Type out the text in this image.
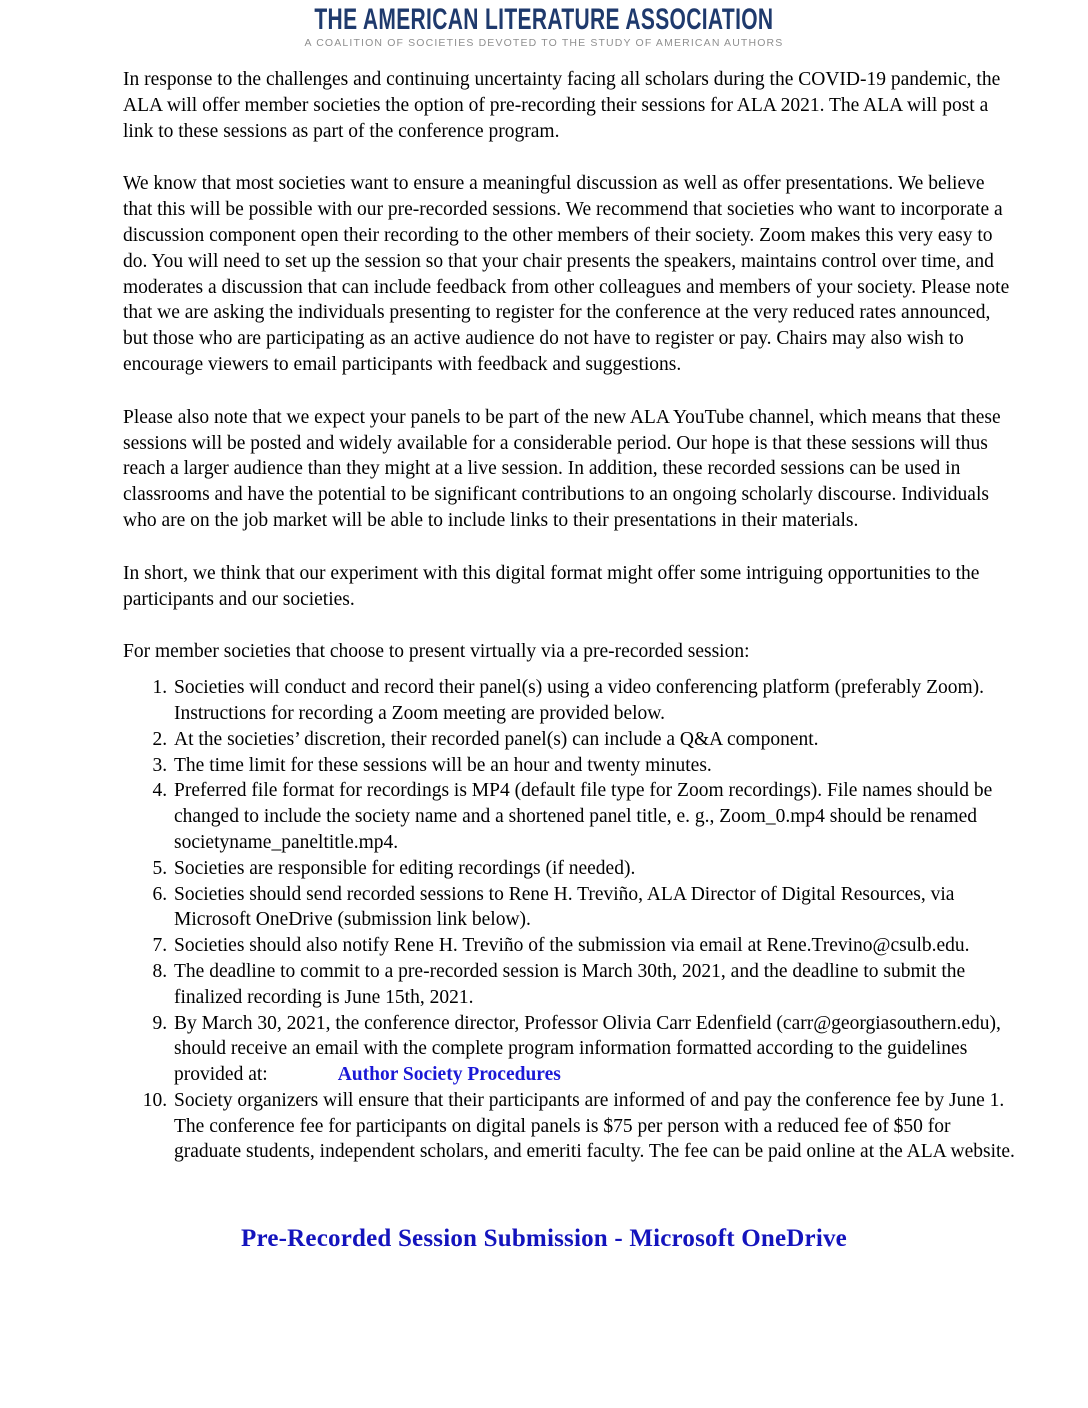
THE AMERICAN LITERATURE ASSOCIATION
A COALITION OF SOCIETIES DEVOTED TO THE STUDY OF AMERICAN AUTHORS

In response to the challenges and continuing uncertainty facing all scholars during the COVID-19 pandemic, the ALA will offer member societies the option of pre-recording their sessions for ALA 2021. The ALA will post a link to these sessions as part of the conference program.

We know that most societies want to ensure a meaningful discussion as well as offer presentations. We believe that this will be possible with our pre-recorded sessions. We recommend that societies who want to incorporate a discussion component open their recording to the other members of their society. Zoom makes this very easy to do. You will need to set up the session so that your chair presents the speakers, maintains control over time, and moderates a discussion that can include feedback from other colleagues and members of your society. Please note that we are asking the individuals presenting to register for the conference at the very reduced rates announced, but those who are participating as an active audience do not have to register or pay. Chairs may also wish to encourage viewers to email participants with feedback and suggestions.

Please also note that we expect your panels to be part of the new ALA YouTube channel, which means that these sessions will be posted and widely available for a considerable period. Our hope is that these sessions will thus reach a larger audience than they might at a live session. In addition, these recorded sessions can be used in classrooms and have the potential to be significant contributions to an ongoing scholarly discourse. Individuals who are on the job market will be able to include links to their presentations in their materials.

In short, we think that our experiment with this digital format might offer some intriguing opportunities to the participants and our societies.

For member societies that choose to present virtually via a pre-recorded session:

1. Societies will conduct and record their panel(s) using a video conferencing platform (preferably Zoom). Instructions for recording a Zoom meeting are provided below.
2. At the societies’ discretion, their recorded panel(s) can include a Q&A component.
3. The time limit for these sessions will be an hour and twenty minutes.
4. Preferred file format for recordings is MP4 (default file type for Zoom recordings). File names should be changed to include the society name and a shortened panel title, e. g., Zoom_0.mp4 should be renamed societyname_paneltitle.mp4.
5. Societies are responsible for editing recordings (if needed).
6. Societies should send recorded sessions to Rene H. Treviño, ALA Director of Digital Resources, via Microsoft OneDrive (submission link below).
7. Societies should also notify Rene H. Treviño of the submission via email at Rene.Trevino@csulb.edu.
8. The deadline to commit to a pre-recorded session is March 30th, 2021, and the deadline to submit the finalized recording is June 15th, 2021.
9. By March 30, 2021, the conference director, Professor Olivia Carr Edenfield (carr@georgiasouthern.edu), should receive an email with the complete program information formatted according to the guidelines provided at:	Author Society Procedures
10. Society organizers will ensure that their participants are informed of and pay the conference fee by June 1. The conference fee for participants on digital panels is $75 per person with a reduced fee of $50 for graduate students, independent scholars, and emeriti faculty. The fee can be paid online at the ALA website.
Pre-Recorded Session Submission - Microsoft OneDrive
